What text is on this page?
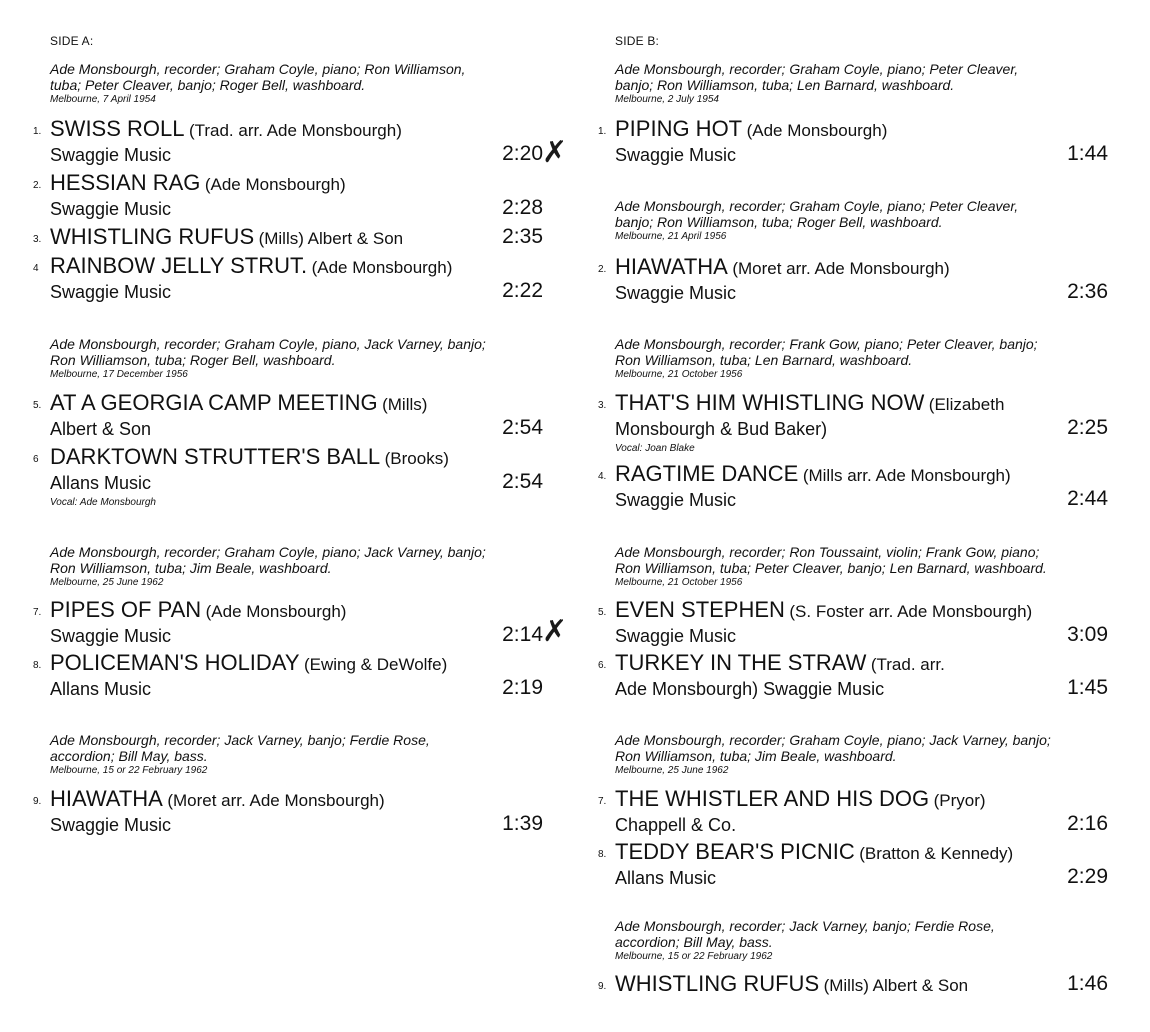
SIDE A:

Ade Monsbourgh, recorder; Graham Coyle, piano; Ron Williamson,

tuba; Peter Cleaver, banjo; Roger Bell, washboard.

Melbourne, 7 April 1954

1. SWISS ROLL (Trad. arr. Ade Monsbourgh)
Swaggie Music	2:20 ✗
2. HESSIAN RAG (Ade Monsbourgh)
Swaggie Music	2:28
3. WHISTLING RUFUS (Mills) Albert & Son	2:35
4 RAINBOW JELLY STRUT. (Ade Monsbourgh)
Swaggie Music	2:22

Ade Monsbourgh, recorder; Graham Coyle, piano, Jack Varney, banjo;

Ron Williamson, tuba; Roger Bell, washboard.

Melbourne, 17 December 1956

5. AT A GEORGIA CAMP MEETING (Mills)
Albert & Son	2:54
6 DARKTOWN STRUTTER'S BALL (Brooks)
Allans Music	2:54
Vocal: Ade Monsbourgh

Ade Monsbourgh, recorder; Graham Coyle, piano; Jack Varney, banjo;

Ron Williamson, tuba; Jim Beale, washboard.

Melbourne, 25 June 1962

7. PIPES OF PAN (Ade Monsbourgh)
Swaggie Music	2:14 ✗
8. POLICEMAN'S HOLIDAY (Ewing & DeWolfe)
Allans Music	2:19

Ade Monsbourgh, recorder; Jack Varney, banjo; Ferdie Rose,

accordion; Bill May, bass.

Melbourne, 15 or 22 February 1962

9. HIAWATHA (Moret arr. Ade Monsbourgh)
Swaggie Music	1:39
SIDE B:

Ade Monsbourgh, recorder; Graham Coyle, piano; Peter Cleaver,

banjo; Ron Williamson, tuba; Len Barnard, washboard.

Melbourne, 2 July 1954

1. PIPING HOT (Ade Monsbourgh)
Swaggie Music	1:44

Ade Monsbourgh, recorder; Graham Coyle, piano; Peter Cleaver,

banjo; Ron Williamson, tuba; Roger Bell, washboard.

Melbourne, 21 April 1956

2. HIAWATHA (Moret arr. Ade Monsbourgh)
Swaggie Music	2:36

Ade Monsbourgh, recorder; Frank Gow, piano; Peter Cleaver, banjo;

Ron Williamson, tuba; Len Barnard, washboard.

Melbourne, 21 October 1956

3. THAT'S HIM WHISTLING NOW (Elizabeth
Monsbourgh & Bud Baker)	2:25
Vocal: Joan Blake
4. RAGTIME DANCE (Mills arr. Ade Monsbourgh)
Swaggie Music	2:44

Ade Monsbourgh, recorder; Ron Toussaint, violin; Frank Gow, piano;

Ron Williamson, tuba; Peter Cleaver, banjo; Len Barnard, washboard.

Melbourne, 21 October 1956

5. EVEN STEPHEN (S. Foster arr. Ade Monsbourgh)
Swaggie Music	3:09
6. TURKEY IN THE STRAW (Trad. arr.
Ade Monsbourgh) Swaggie Music	1:45

Ade Monsbourgh, recorder; Graham Coyle, piano; Jack Varney, banjo;

Ron Williamson, tuba; Jim Beale, washboard.

Melbourne, 25 June 1962

7. THE WHISTLER AND HIS DOG (Pryor)
Chappell & Co.	2:16
8. TEDDY BEAR'S PICNIC (Bratton & Kennedy)
Allans Music	2:29

Ade Monsbourgh, recorder; Jack Varney, banjo; Ferdie Rose,

accordion; Bill May, bass.

Melbourne, 15 or 22 February 1962

9. WHISTLING RUFUS (Mills) Albert & Son	1:46
